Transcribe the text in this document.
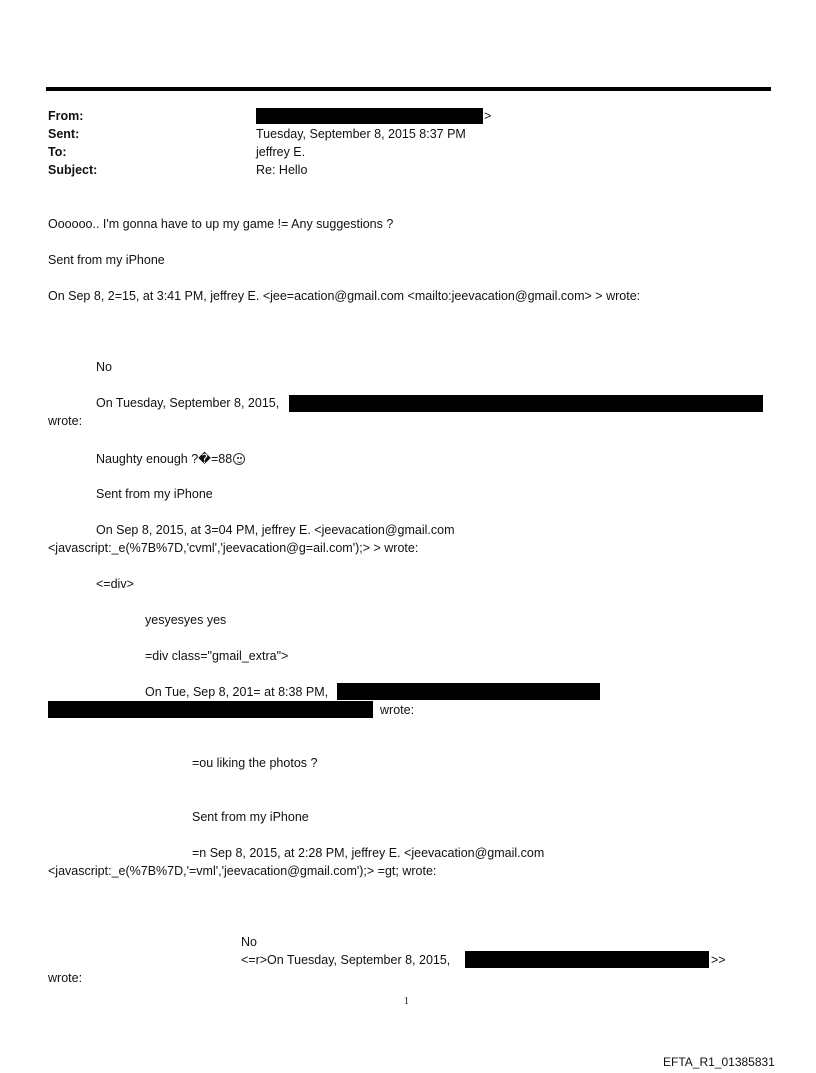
From:	>
Sent:	Tuesday, September 8, 2015 8:37 PM
To:	jeffrey E.
Subject:	Re: Hello
Oooooo.. I'm gonna have to up my game != Any suggestions ?
Sent from my iPhone
On Sep 8, 2=15, at 3:41 PM, jeffrey E. <jee=acation@gmail.com <mailto:jeevacation@gmail.com> > wrote:
No
On Tuesday, September 8, 2015,
wrote:
Naughty enough ?�=88
Sent from my iPhone
On Sep 8, 2015, at 3=04 PM, jeffrey E. <jeevacation@gmail.com
<javascript:_e(%7B%7D,'cvml','jeevacation@g=ail.com');> > wrote:
<=div>
yesyesyes yes
=div class="gmail_extra">
On Tue, Sep 8, 201= at 8:38 PM,
wrote:
=ou liking the photos ?
Sent from my iPhone
=n Sep 8, 2015, at 2:28 PM, jeffrey E. <jeevacation@gmail.com
<javascript:_e(%7B%7D,'=vml','jeevacation@gmail.com');> =gt; wrote:
No
<=r>On Tuesday, September 8, 2015,	>>
wrote:
1
EFTA_R1_01385831
